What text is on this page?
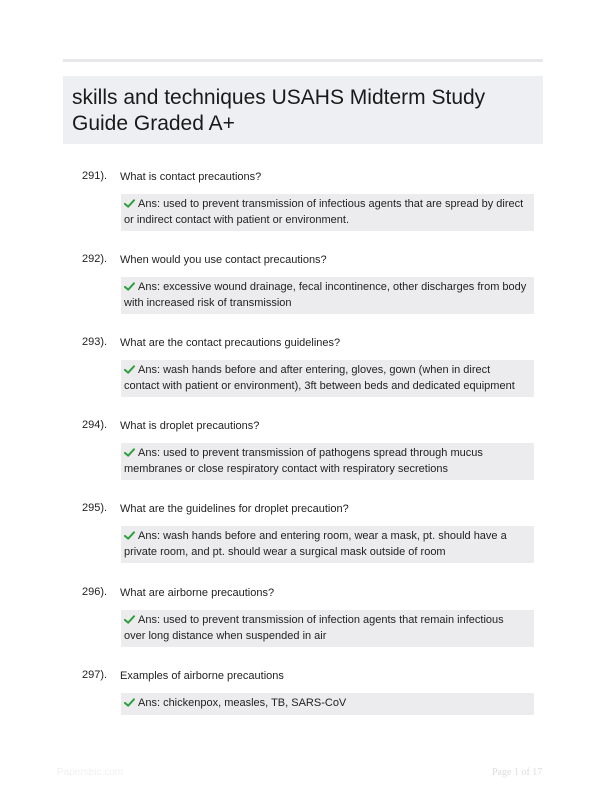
skills and techniques USAHS Midterm Study Guide Graded A+
291). What is contact precautions?
Ans: used to prevent transmission of infectious agents that are spread by direct or indirect contact with patient or environment.
292). When would you use contact precautions?
Ans: excessive wound drainage, fecal incontinence, other discharges from body with increased risk of transmission
293). What are the contact precautions guidelines?
Ans: wash hands before and after entering, gloves, gown (when in direct contact with patient or environment), 3ft between beds and dedicated equipment
294). What is droplet precautions?
Ans: used to prevent transmission of pathogens spread through mucus membranes or close respiratory contact with respiratory secretions
295). What are the guidelines for droplet precaution?
Ans: wash hands before and entering room, wear a mask, pt. should have a private room, and pt. should wear a surgical mask outside of room
296). What are airborne precautions?
Ans: used to prevent transmission of infection agents that remain infectious over long distance when suspended in air
297). Examples of airborne precautions
Ans: chickenpox, measles, TB, SARS-CoV
Papersbic.com	Page 1 of 17
